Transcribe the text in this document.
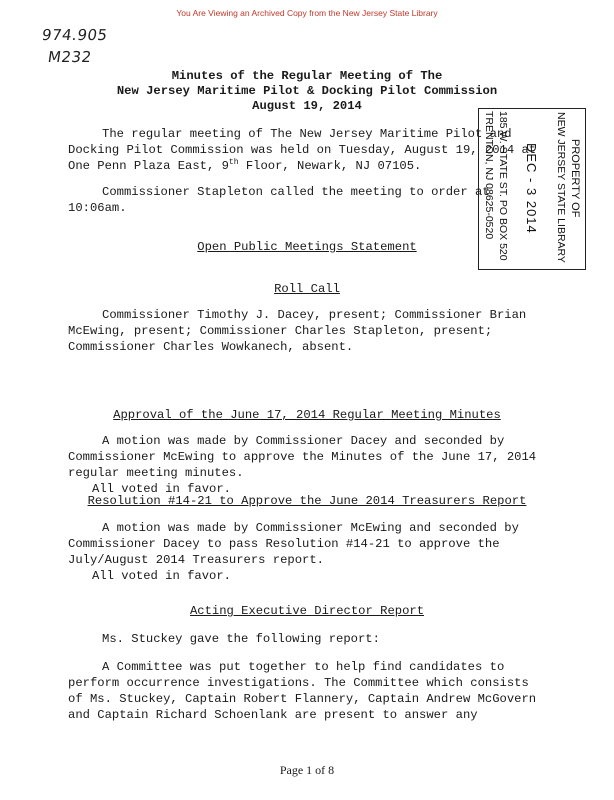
You Are Viewing an Archived Copy from the New Jersey State Library
974.905
M232
Minutes of the Regular Meeting of The
New Jersey Maritime Pilot & Docking Pilot Commission
August 19, 2014
The regular meeting of The New Jersey Maritime Pilot and
Docking Pilot Commission was held on Tuesday, August 19, 2014 at
One Penn Plaza East, 9th Floor, Newark, NJ 07105.
Commissioner Stapleton called the meeting to order at
10:06am.	PROPERTY OF
NEW JERSEY STATE LIBRARY
DEC - 3 2014
185 W. STATE ST. PO BOX 520
TRENTON, NJ 08625-0520
Open Public Meetings Statement
Roll Call
Commissioner Timothy J. Dacey, present; Commissioner Brian
McEwing, present; Commissioner Charles Stapleton, present;
Commissioner Charles Wowkanech, absent.
Approval of the June 17, 2014 Regular Meeting Minutes
A motion was made by Commissioner Dacey and seconded by
Commissioner McEwing to approve the Minutes of the June 17, 2014
regular meeting minutes.
All voted in favor.
Resolution #14-21 to Approve the June 2014 Treasurers Report
A motion was made by Commissioner McEwing and seconded by
Commissioner Dacey to pass Resolution #14-21 to approve the
July/August 2014 Treasurers report.
All voted in favor.
Acting Executive Director Report
Ms. Stuckey gave the following report:
A Committee was put together to help find candidates to
perform occurrence investigations. The Committee which consists
of Ms. Stuckey, Captain Robert Flannery, Captain Andrew McGovern
and Captain Richard Schoenlank are present to answer any
Page 1 of 8
